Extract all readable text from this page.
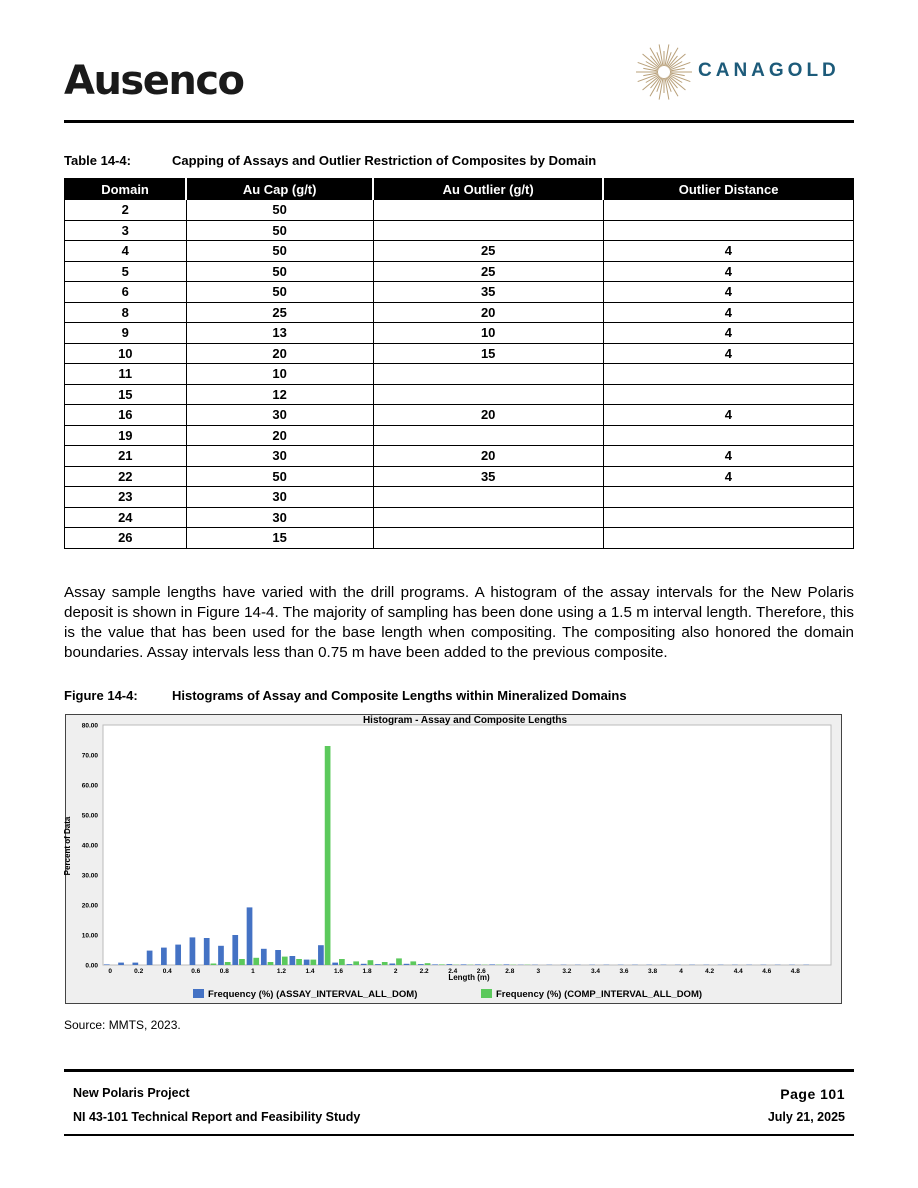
Ausenco	CANAGOLD
Table 14-4:	Capping of Assays and Outlier Restriction of Composites by Domain
Domain	Au Cap (g/t)	Au Outlier (g/t)	Outlier Distance
2	50		
3	50		
4	50	25	4
5	50	25	4
6	50	35	4
8	25	20	4
9	13	10	4
10	20	15	4
11	10		
15	12		
16	30	20	4
19	20		
21	30	20	4
22	50	35	4
23	30		
24	30		
26	15		
Assay sample lengths have varied with the drill programs. A histogram of the assay intervals for the New Polaris deposit is shown in Figure 14-4. The majority of sampling has been done using a 1.5 m interval length. Therefore, this is the value that has been used for the base length when compositing. The compositing also honored the domain boundaries. Assay intervals less than 0.75 m have been added to the previous composite.
Figure 14-4:	Histograms of Assay and Composite Lengths within Mineralized Domains
Histogram - Assay and Composite Lengths
Length (m)
Percent of Data
0.00
10.00
20.00
30.00
40.00
50.00
60.00
70.00
80.00
0	0.2	0.4	0.6	0.8	1	1.2	1.4	1.6	1.8	2	2.2	2.4	2.6	2.8	3	3.2	3.4	3.6	3.8	4	4.2	4.4	4.6	4.8
Frequency (%) (ASSAY_INTERVAL_ALL_DOM)	Frequency (%) (COMP_INTERVAL_ALL_DOM)
Source: MMTS, 2023.
New Polaris Project
NI 43-101 Technical Report and Feasibility Study
Page 101
July 21, 2025
